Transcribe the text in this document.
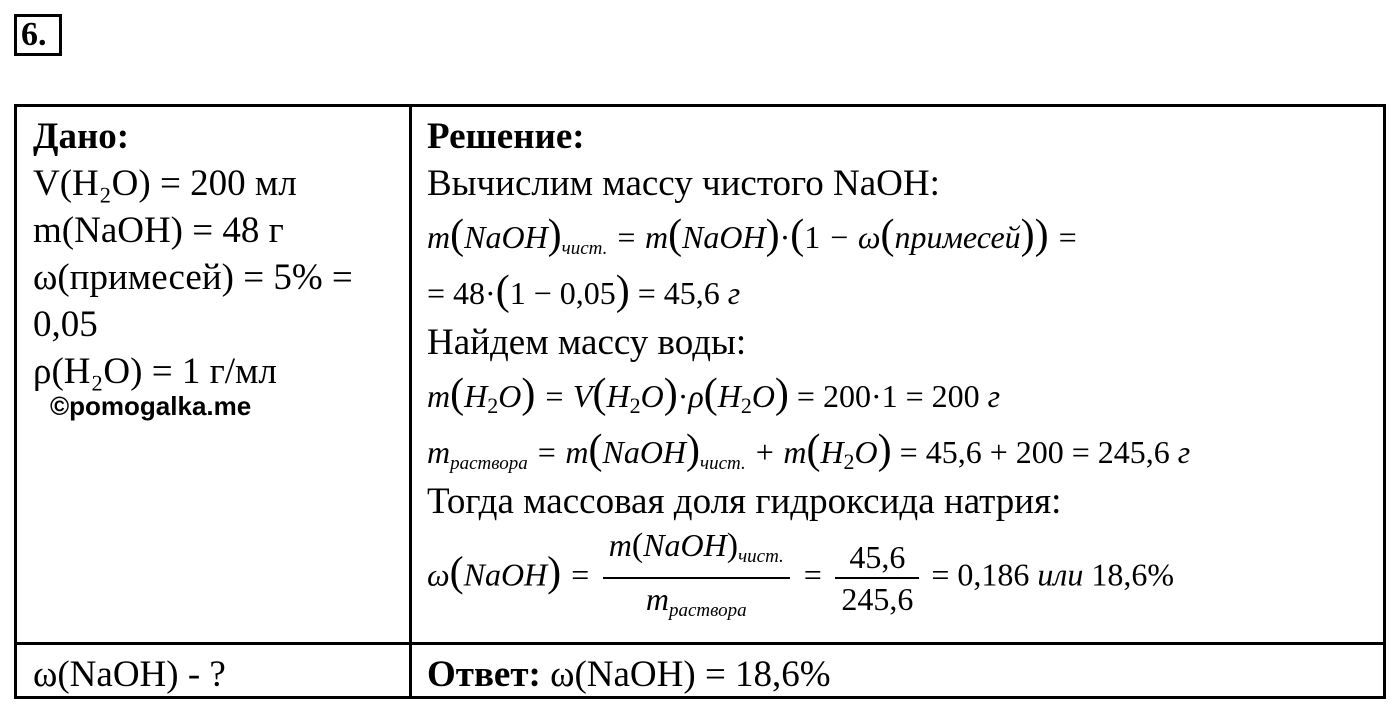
6.
Дано:
V(H₂O) = 200 мл
m(NaOH) = 48 г
ω(примесей) = 5% =
0,05
ρ(H₂O) = 1 г/мл
©pomogalka.me
ω(NaOH) - ?
Решение:
Вычислим массу чистого NaOH:
$m(NaOH)_{чист.}$ = m(NaOH)·(1 − ω(примесей)) =
= 48·(1 − 0,05) = 45,6 г
Найдем массу воды:
$m(H_2O) = V(H_2O)\cdot\rho(H_2O) = 200\cdot 1 = 200$ г
$m_{раствора}$ = $m(NaOH)_{чист.} + m(H_2O) = 45,6 + 200 = 245,6$ г
Тогда массовая доля гидроксида натрия:
ω(NaOH) = $\frac{m(NaOH)_{чист.}}{m_{раствора}} = \frac{45,6}{245,6} = 0,186$ или 18,6%
Ответ: ω(NaOH) = 18,6%
